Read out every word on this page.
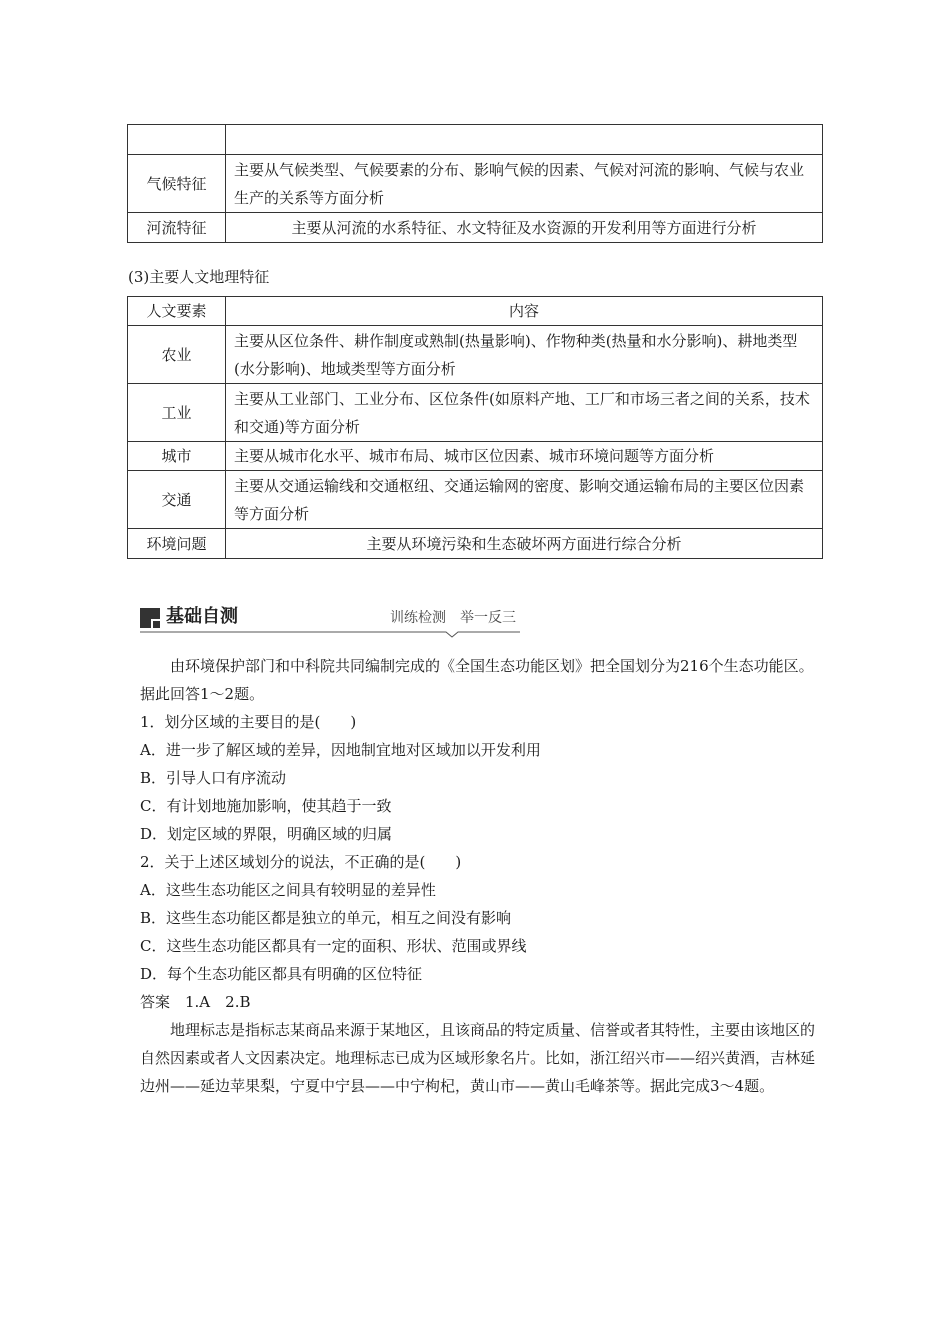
气候特征	主要从气候类型、气候要素的分布、影响气候的因素、气候对河流的影响、气候与农业生产的关系等方面分析
河流特征	主要从河流的水系特征、水文特征及水资源的开发利用等方面进行分析
(3)主要人文地理特征
人文要素	内容
农业	主要从区位条件、耕作制度或熟制(热量影响)、作物种类(热量和水分影响)、耕地类型(水分影响)、地域类型等方面分析
工业	主要从工业部门、工业分布、区位条件(如原料产地、工厂和市场三者之间的关系，技术和交通)等方面分析
城市	主要从城市化水平、城市布局、城市区位因素、城市环境问题等方面分析
交通	主要从交通运输线和交通枢纽、交通运输网的密度、影响交通运输布局的主要区位因素等方面分析
环境问题	主要从环境污染和生态破坏两方面进行综合分析
基础自测	训练检测　举一反三
由环境保护部门和中科院共同编制完成的《全国生态功能区划》把全国划分为216个生态功能区。据此回答1～2题。
1．划分区域的主要目的是(　　)
A．进一步了解区域的差异，因地制宜地对区域加以开发利用
B．引导人口有序流动
C．有计划地施加影响，使其趋于一致
D．划定区域的界限，明确区域的归属
2．关于上述区域划分的说法，不正确的是(　　)
A．这些生态功能区之间具有较明显的差异性
B．这些生态功能区都是独立的单元，相互之间没有影响
C．这些生态功能区都具有一定的面积、形状、范围或界线
D．每个生态功能区都具有明确的区位特征
答案　1.A　2.B
地理标志是指标志某商品来源于某地区，且该商品的特定质量、信誉或者其特性，主要由该地区的自然因素或者人文因素决定。地理标志已成为区域形象名片。比如，浙江绍兴市——绍兴黄酒，吉林延边州——延边苹果梨，宁夏中宁县——中宁枸杞，黄山市——黄山毛峰茶等。据此完成3～4题。
